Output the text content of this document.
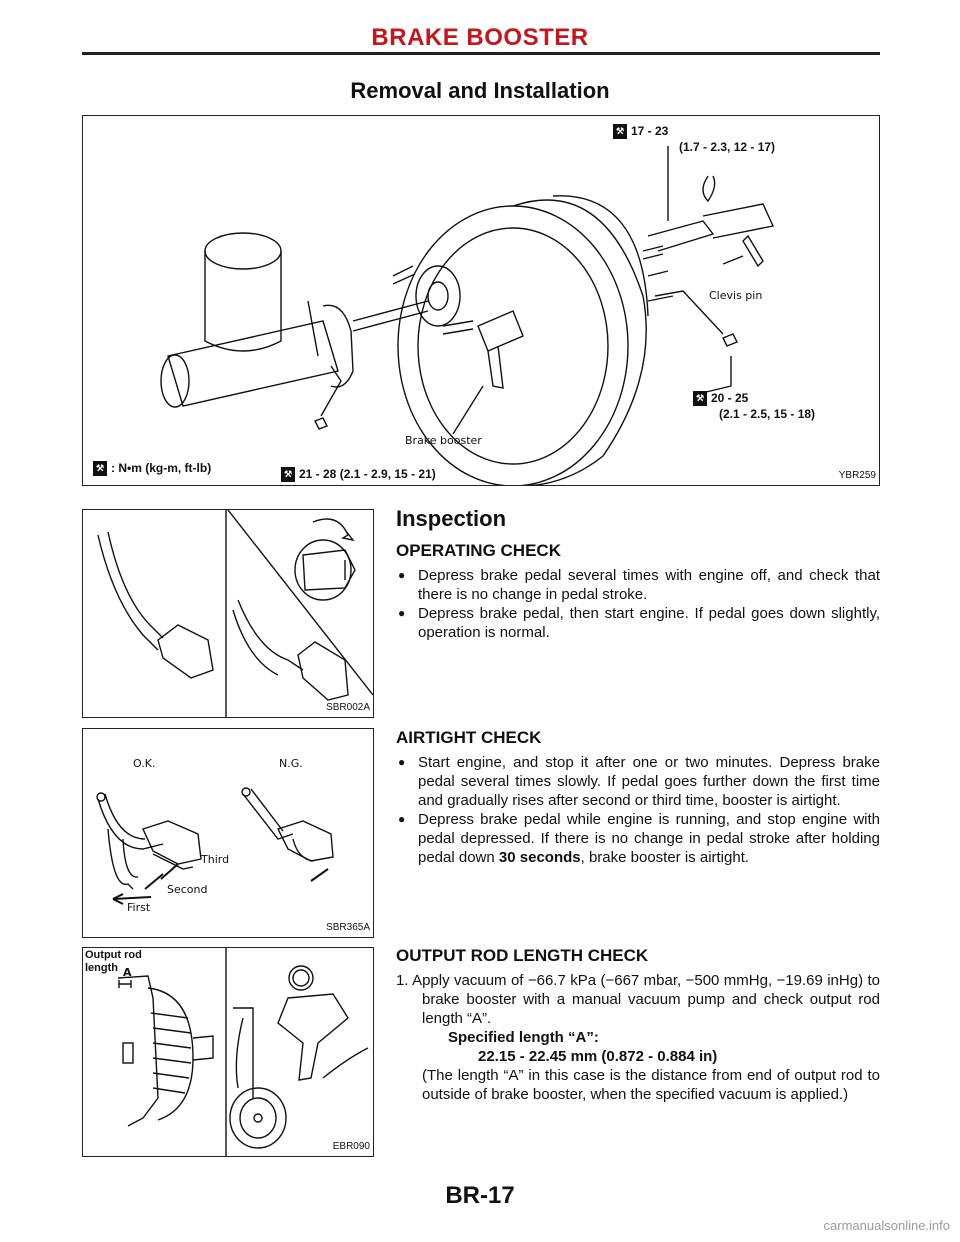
BRAKE BOOSTER
Removal and Installation
⚒ 17 - 23
(1.7 - 2.3, 12 - 17)
Clevis pin
⚒ 20 - 25
(2.1 - 2.5, 15 - 18)
Brake booster
⚒ : N•m (kg-m, ft-lb)	⚒ 21 - 28 (2.1 - 2.9, 15 - 21)	YBR259
Inspection
SBR002A
OPERATING CHECK
● Depress brake pedal several times with engine off, and check that there is no change in pedal stroke.
● Depress brake pedal, then start engine. If pedal goes down slightly, operation is normal.
O.K.	N.G.
Third
Second
First
SBR365A
AIRTIGHT CHECK
● Start engine, and stop it after one or two minutes. Depress brake pedal several times slowly. If pedal goes further down the first time and gradually rises after second or third time, booster is airtight.
● Depress brake pedal while engine is running, and stop engine with pedal depressed. If there is no change in pedal stroke after holding pedal down 30 seconds, brake booster is airtight.
Output rod length A
EBR090
OUTPUT ROD LENGTH CHECK
1. Apply vacuum of −66.7 kPa (−667 mbar, −500 mmHg, −19.69 inHg) to brake booster with a manual vacuum pump and check output rod length “A”.
Specified length “A”:
22.15 - 22.45 mm (0.872 - 0.884 in)
(The length “A” in this case is the distance from end of output rod to outside of brake booster, when the specified vacuum is applied.)
BR-17
carmanualsonline.info
